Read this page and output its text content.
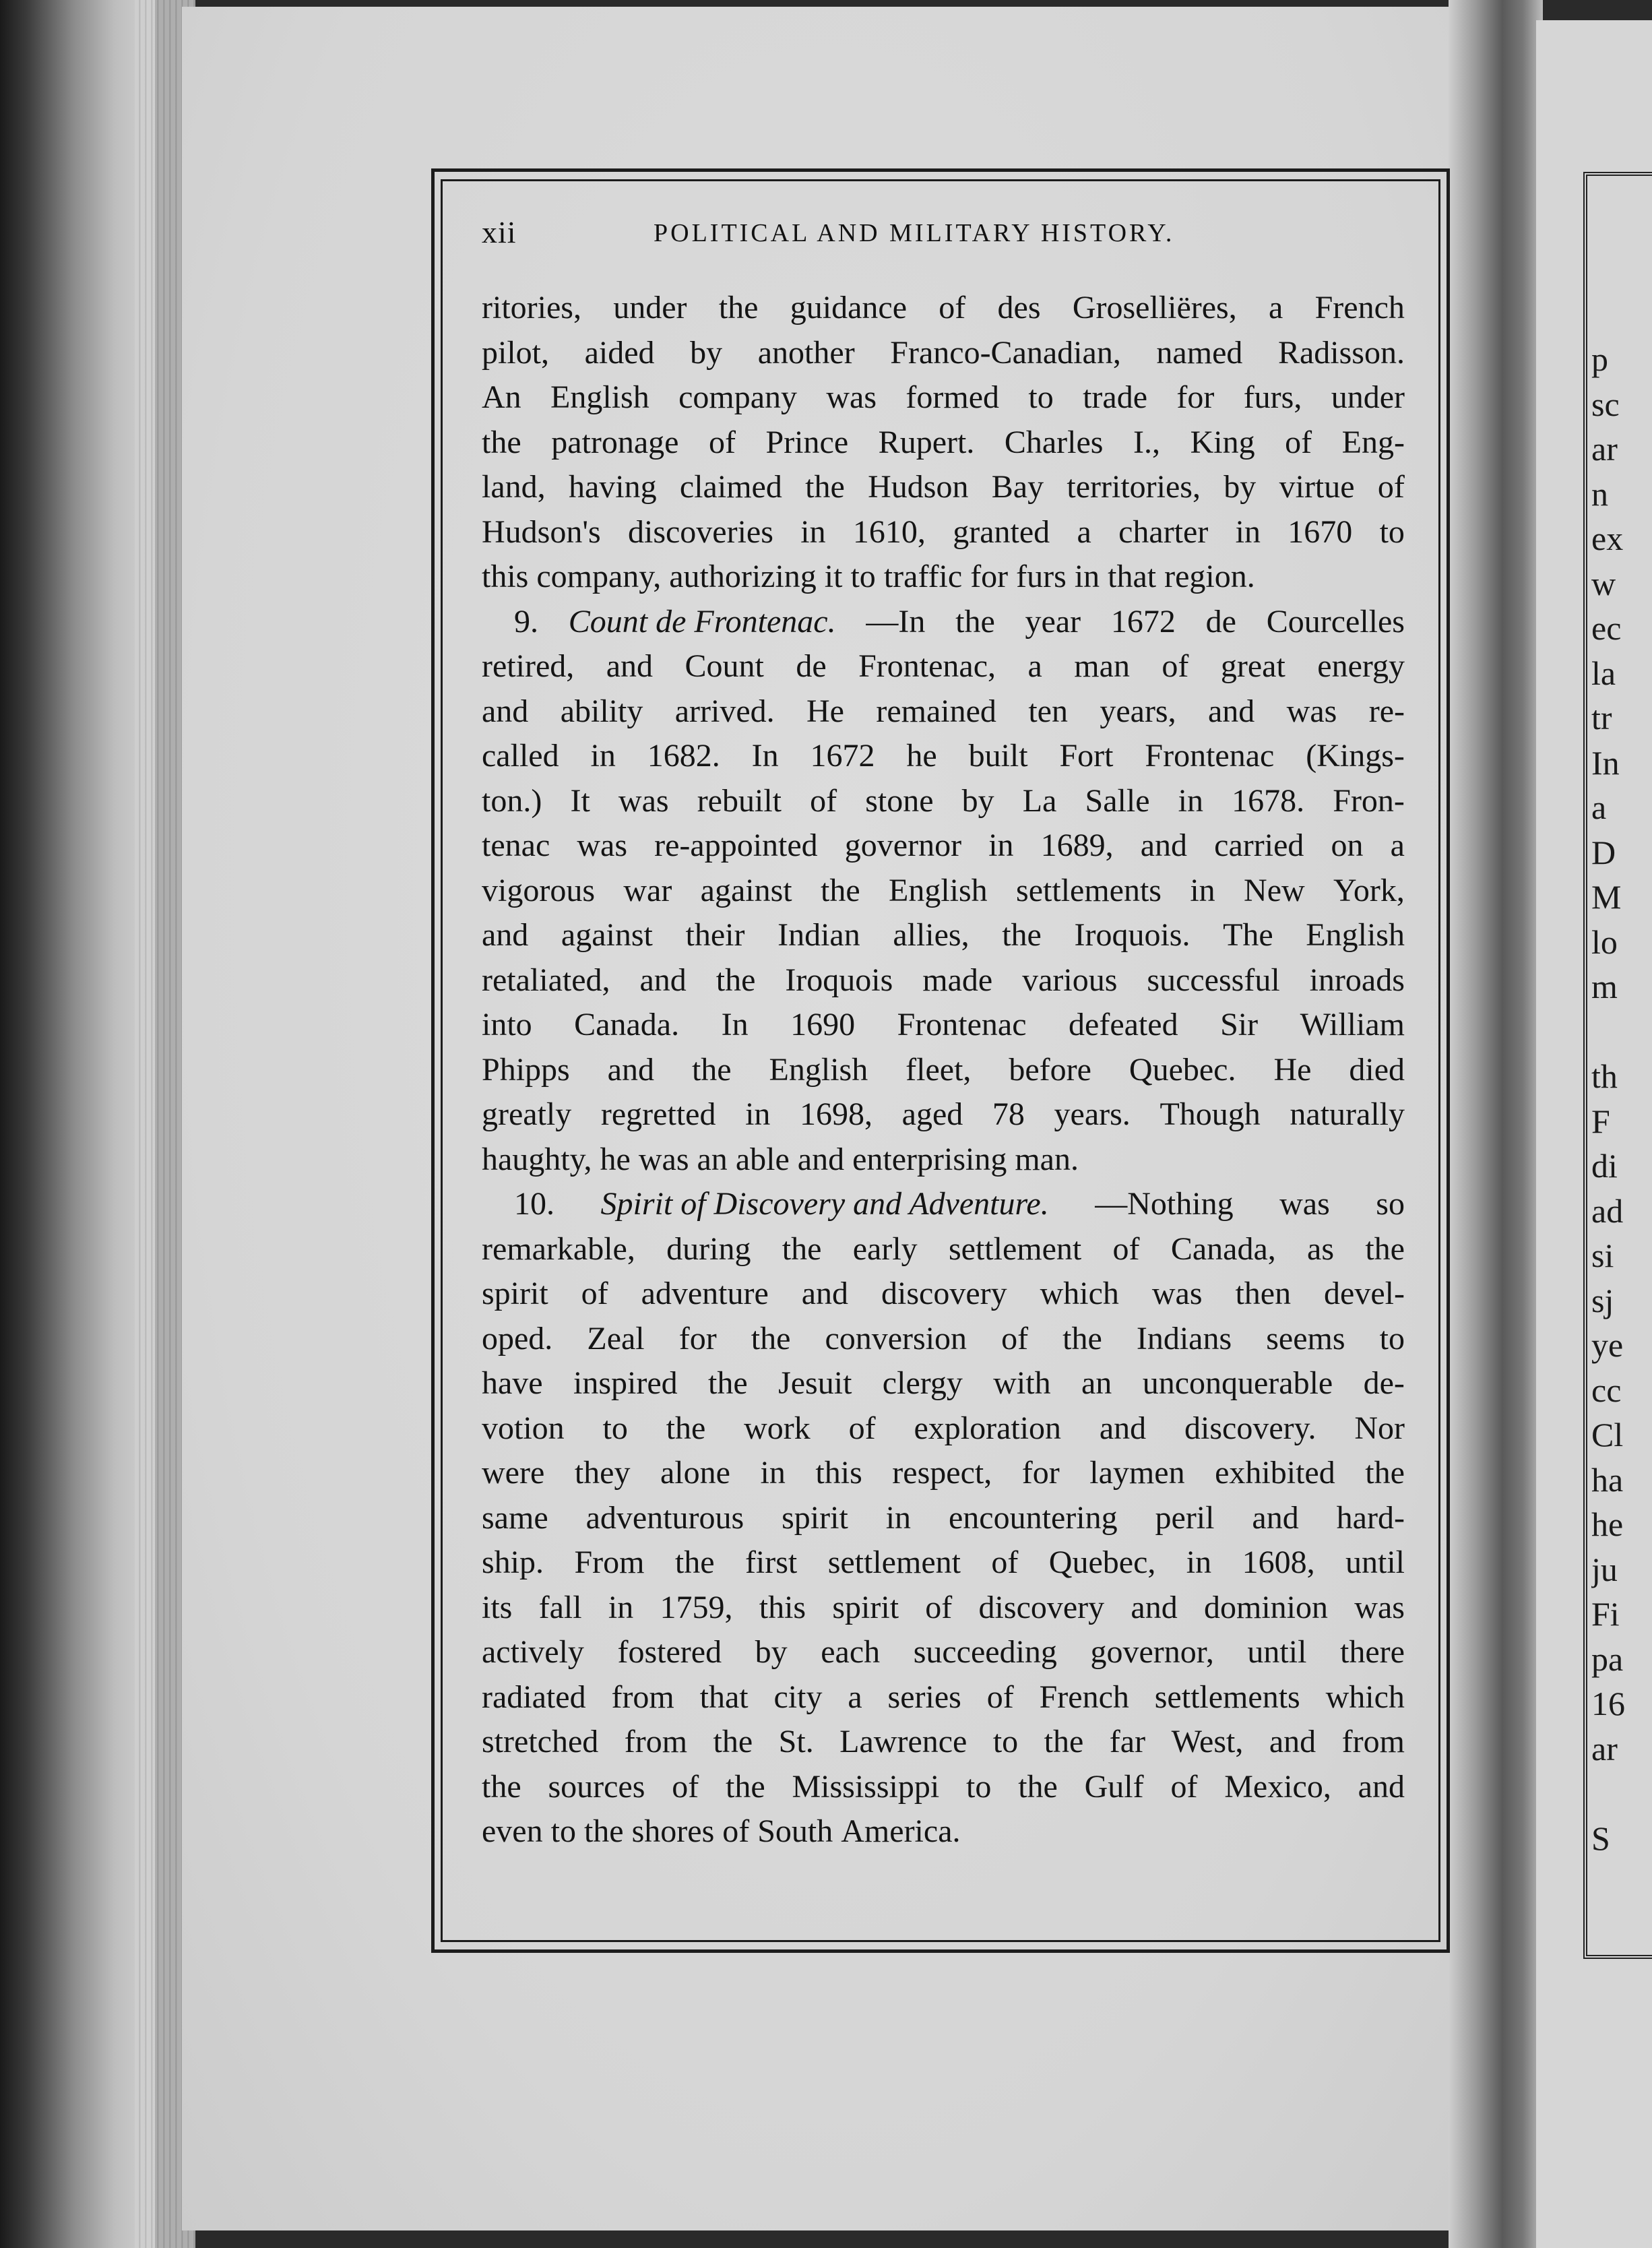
p
sc
ar
n
ex
w
ec
la
tr
In
a
D
M
lo
m
th
F
di
ad
si
sj
ye
cc
Cl
ha
he
ju
Fi
pa
16
ar
S
xii	POLITICAL AND MILITARY HISTORY.
ritories, under the guidance of des Groselliëres, a French
pilot, aided by another Franco-Canadian, named Radisson.
An English company was formed to trade for furs, under
the patronage of Prince Rupert. Charles I., King of Eng-
land, having claimed the Hudson Bay territories, by virtue of
Hudson's discoveries in 1610, granted a charter in 1670 to
this company, authorizing it to traffic for furs in that region.
9. Count de Frontenac. —In the year 1672 de Courcelles
retired, and Count de Frontenac, a man of great energy
and ability arrived. He remained ten years, and was re-
called in 1682. In 1672 he built Fort Frontenac (Kings-
ton.) It was rebuilt of stone by La Salle in 1678. Fron-
tenac was re-appointed governor in 1689, and carried on a
vigorous war against the English settlements in New York,
and against their Indian allies, the Iroquois. The English
retaliated, and the Iroquois made various successful inroads
into Canada. In 1690 Frontenac defeated Sir William
Phipps and the English fleet, before Quebec. He died
greatly regretted in 1698, aged 78 years. Though naturally
haughty, he was an able and enterprising man.
10. Spirit of Discovery and Adventure. —Nothing was so
remarkable, during the early settlement of Canada, as the
spirit of adventure and discovery which was then devel-
oped. Zeal for the conversion of the Indians seems to
have inspired the Jesuit clergy with an unconquerable de-
votion to the work of exploration and discovery. Nor
were they alone in this respect, for laymen exhibited the
same adventurous spirit in encountering peril and hard-
ship. From the first settlement of Quebec, in 1608, until
its fall in 1759, this spirit of discovery and dominion was
actively fostered by each succeeding governor, until there
radiated from that city a series of French settlements which
stretched from the St. Lawrence to the far West, and from
the sources of the Mississippi to the Gulf of Mexico, and
even to the shores of South America.
